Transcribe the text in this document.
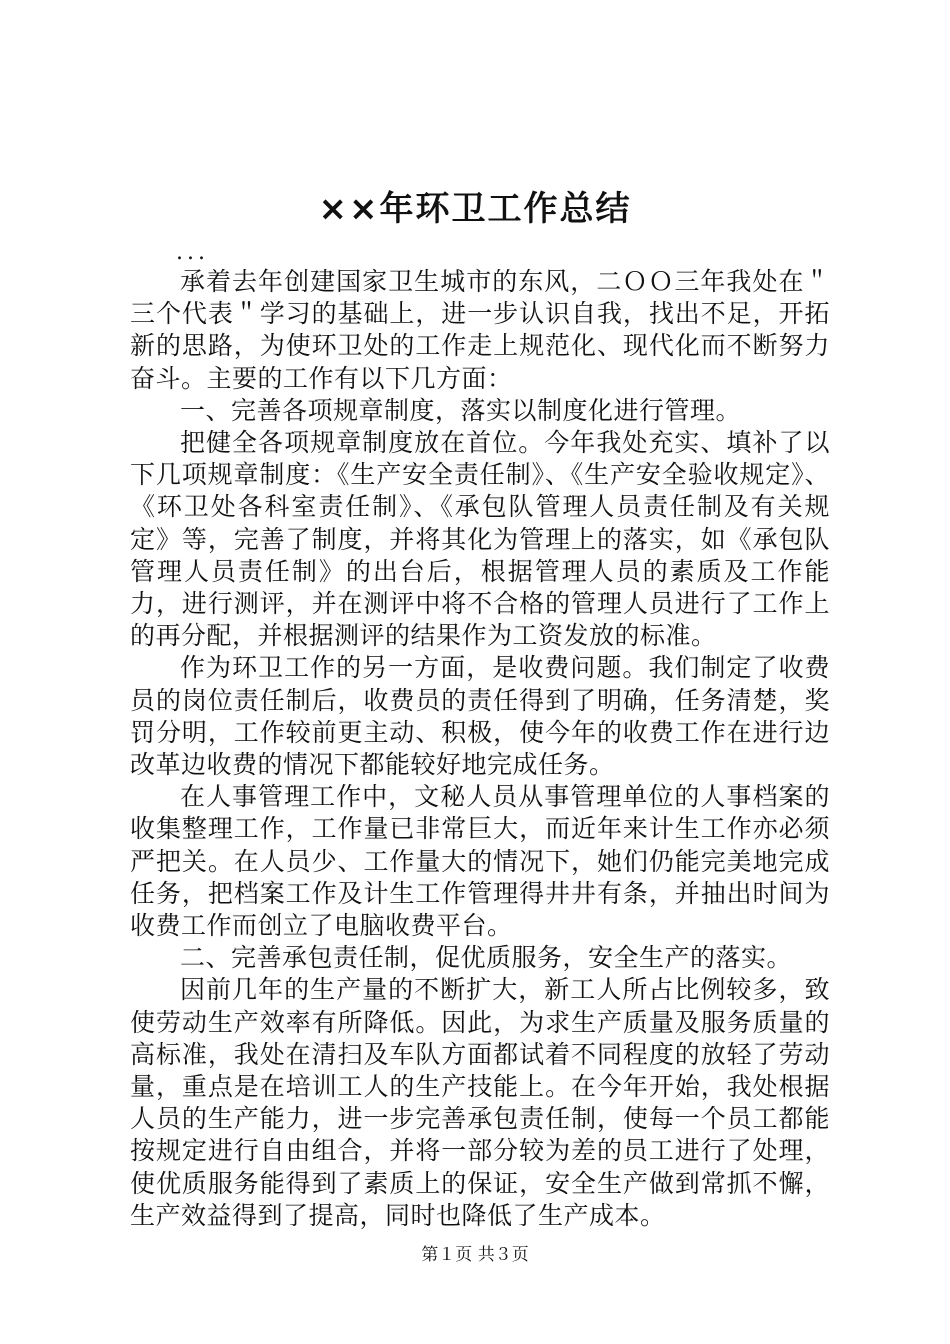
××年环卫工作总结
...

承着去年创建国家卫生城市的东风，二ＯＯ三年我处在＂三个代表＂学习的基础上，进一步认识自我，找出不足，开拓新的思路，为使环卫处的工作走上规范化、现代化而不断努力奋斗。主要的工作有以下几方面：

一、完善各项规章制度，落实以制度化进行管理。

把健全各项规章制度放在首位。今年我处充实、填补了以下几项规章制度：《生产安全责任制》、《生产安全验收规定》、《环卫处各科室责任制》、《承包队管理人员责任制及有关规定》等，完善了制度，并将其化为管理上的落实，如《承包队管理人员责任制》的出台后，根据管理人员的素质及工作能力，进行测评，并在测评中将不合格的管理人员进行了工作上的再分配，并根据测评的结果作为工资发放的标准。

作为环卫工作的另一方面，是收费问题。我们制定了收费员的岗位责任制后，收费员的责任得到了明确，任务清楚，奖罚分明，工作较前更主动、积极，使今年的收费工作在进行边改革边收费的情况下都能较好地完成任务。

在人事管理工作中，文秘人员从事管理单位的人事档案的收集整理工作，工作量已非常巨大，而近年来计生工作亦必须严把关。在人员少、工作量大的情况下，她们仍能完美地完成任务，把档案工作及计生工作管理得井井有条，并抽出时间为收费工作而创立了电脑收费平台。

二、完善承包责任制，促优质服务，安全生产的落实。

因前几年的生产量的不断扩大，新工人所占比例较多，致使劳动生产效率有所降低。因此，为求生产质量及服务质量的高标准，我处在清扫及车队方面都试着不同程度的放轻了劳动量，重点是在培训工人的生产技能上。在今年开始，我处根据人员的生产能力，进一步完善承包责任制，使每一个员工都能按规定进行自由组合，并将一部分较为差的员工进行了处理，使优质服务能得到了素质上的保证，安全生产做到常抓不懈，生产效益得到了提高，同时也降低了生产成本。

第１页 共３页
